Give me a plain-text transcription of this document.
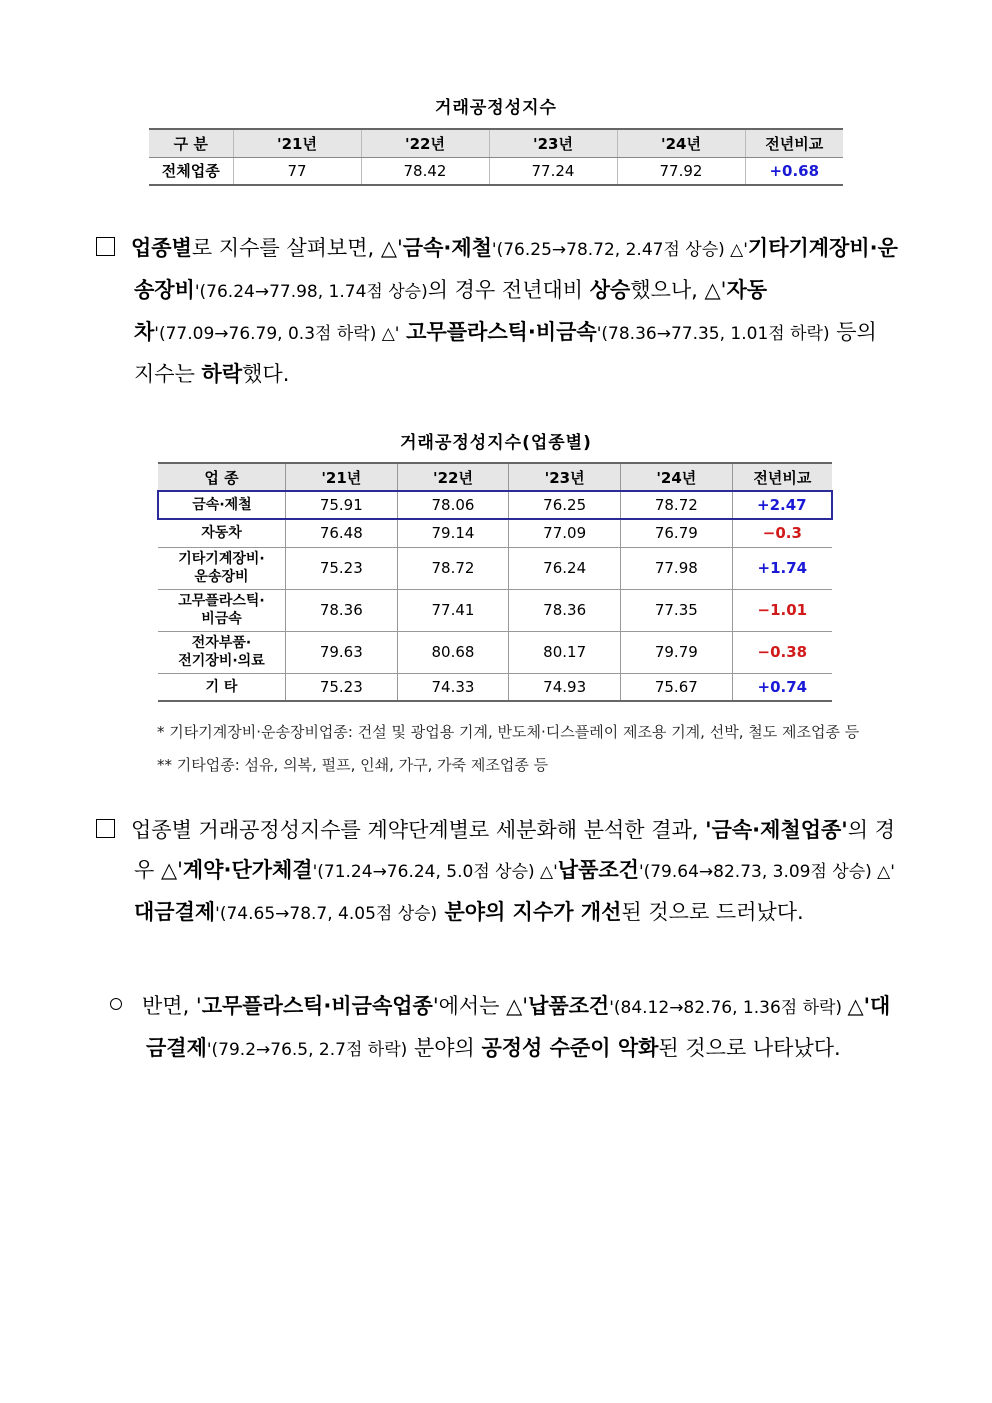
거래공정성지수
구 분	'21년	'22년	'23년	'24년	전년비교
전체업종	77	78.42	77.24	77.92	+0.68
업종별로 지수를 살펴보면, △'금속·제철'(76.25→78.72, 2.47점 상승) △'기타기계장비·운송장비'(76.24→77.98, 1.74점 상승)의 경우 전년대비 상승했으나, △'자동차'(77.09→76.79, 0.3점 하락) △' 고무플라스틱·비금속'(78.36→77.35, 1.01점 하락) 등의 지수는 하락했다.
거래공정성지수(업종별)
업 종	'21년	'22년	'23년	'24년	전년비교
금속·제철	75.91	78.06	76.25	78.72	+2.47
자동차	76.48	79.14	77.09	76.79	−0.3
기타기계장비·
운송장비	75.23	78.72	76.24	77.98	+1.74
고무플라스틱·
비금속	78.36	77.41	78.36	77.35	−1.01
전자부품·
전기장비·의료	79.63	80.68	80.17	79.79	−0.38
기 타	75.23	74.33	74.93	75.67	+0.74
* 기타기계장비·운송장비업종: 건설 및 광업용 기계, 반도체·디스플레이 제조용 기계, 선박, 철도 제조업종 등
** 기타업종: 섬유, 의복, 펄프, 인쇄, 가구, 가죽 제조업종 등
업종별 거래공정성지수를 계약단계별로 세분화해 분석한 결과, '금속·제철업종'의 경우 △'계약·단가체결'(71.24→76.24, 5.0점 상승) △'납품조건'(79.64→82.73, 3.09점 상승) △' 대금결제'(74.65→78.7, 4.05점 상승) 분야의 지수가 개선된 것으로 드러났다.
반면, '고무플라스틱·비금속업종'에서는 △'납품조건'(84.12→82.76, 1.36점 하락) △'대금결제'(79.2→76.5, 2.7점 하락) 분야의 공정성 수준이 악화된 것으로 나타났다.
